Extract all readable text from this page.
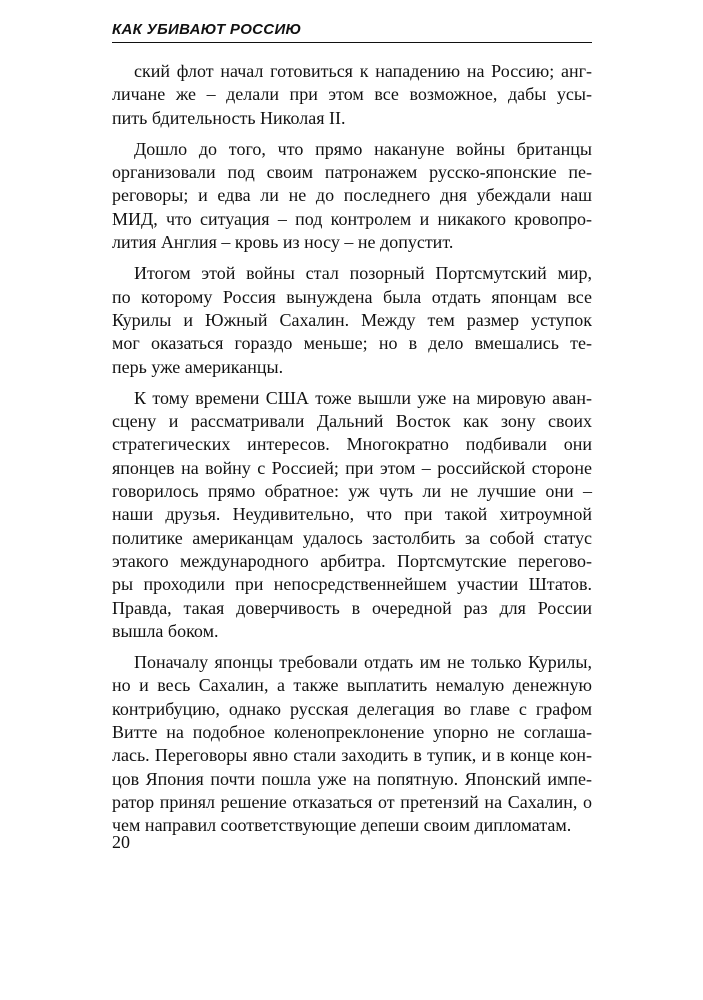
КАК УБИВАЮТ РОССИЮ
ский флот начал готовиться к нападению на Россию; анг-
личане же – делали при этом все возможное, дабы усы-
пить бдительность Николая II.
Дошло до того, что прямо накануне войны британцы
организовали под своим патронажем русско-японские пе-
реговоры; и едва ли не до последнего дня убеждали наш
МИД, что ситуация – под контролем и никакого кровопро-
лития Англия – кровь из носу – не допустит.
Итогом этой войны стал позорный Портсмутский мир,
по которому Россия вынуждена была отдать японцам все
Курилы и Южный Сахалин. Между тем размер уступок
мог оказаться гораздо меньше; но в дело вмешались те-
перь уже американцы.
К тому времени США тоже вышли уже на мировую аван-
сцену и рассматривали Дальний Восток как зону своих
стратегических интересов. Многократно подбивали они
японцев на войну с Россией; при этом – российской стороне
говорилось прямо обратное: уж чуть ли не лучшие они –
наши друзья. Неудивительно, что при такой хитроумной
политике американцам удалось застолбить за собой статус
этакого международного арбитра. Портсмутские перегово-
ры проходили при непосредственнейшем участии Штатов.
Правда, такая доверчивость в очередной раз для России
вышла боком.
Поначалу японцы требовали отдать им не только Курилы,
но и весь Сахалин, а также выплатить немалую денежную
контрибуцию, однако русская делегация во главе с графом
Витте на подобное коленопреклонение упорно не соглаша-
лась. Переговоры явно стали заходить в тупик, и в конце кон-
цов Япония почти пошла уже на попятную. Японский импе-
ратор принял решение отказаться от претензий на Сахалин, о
чем направил соответствующие депеши своим дипломатам.
20
